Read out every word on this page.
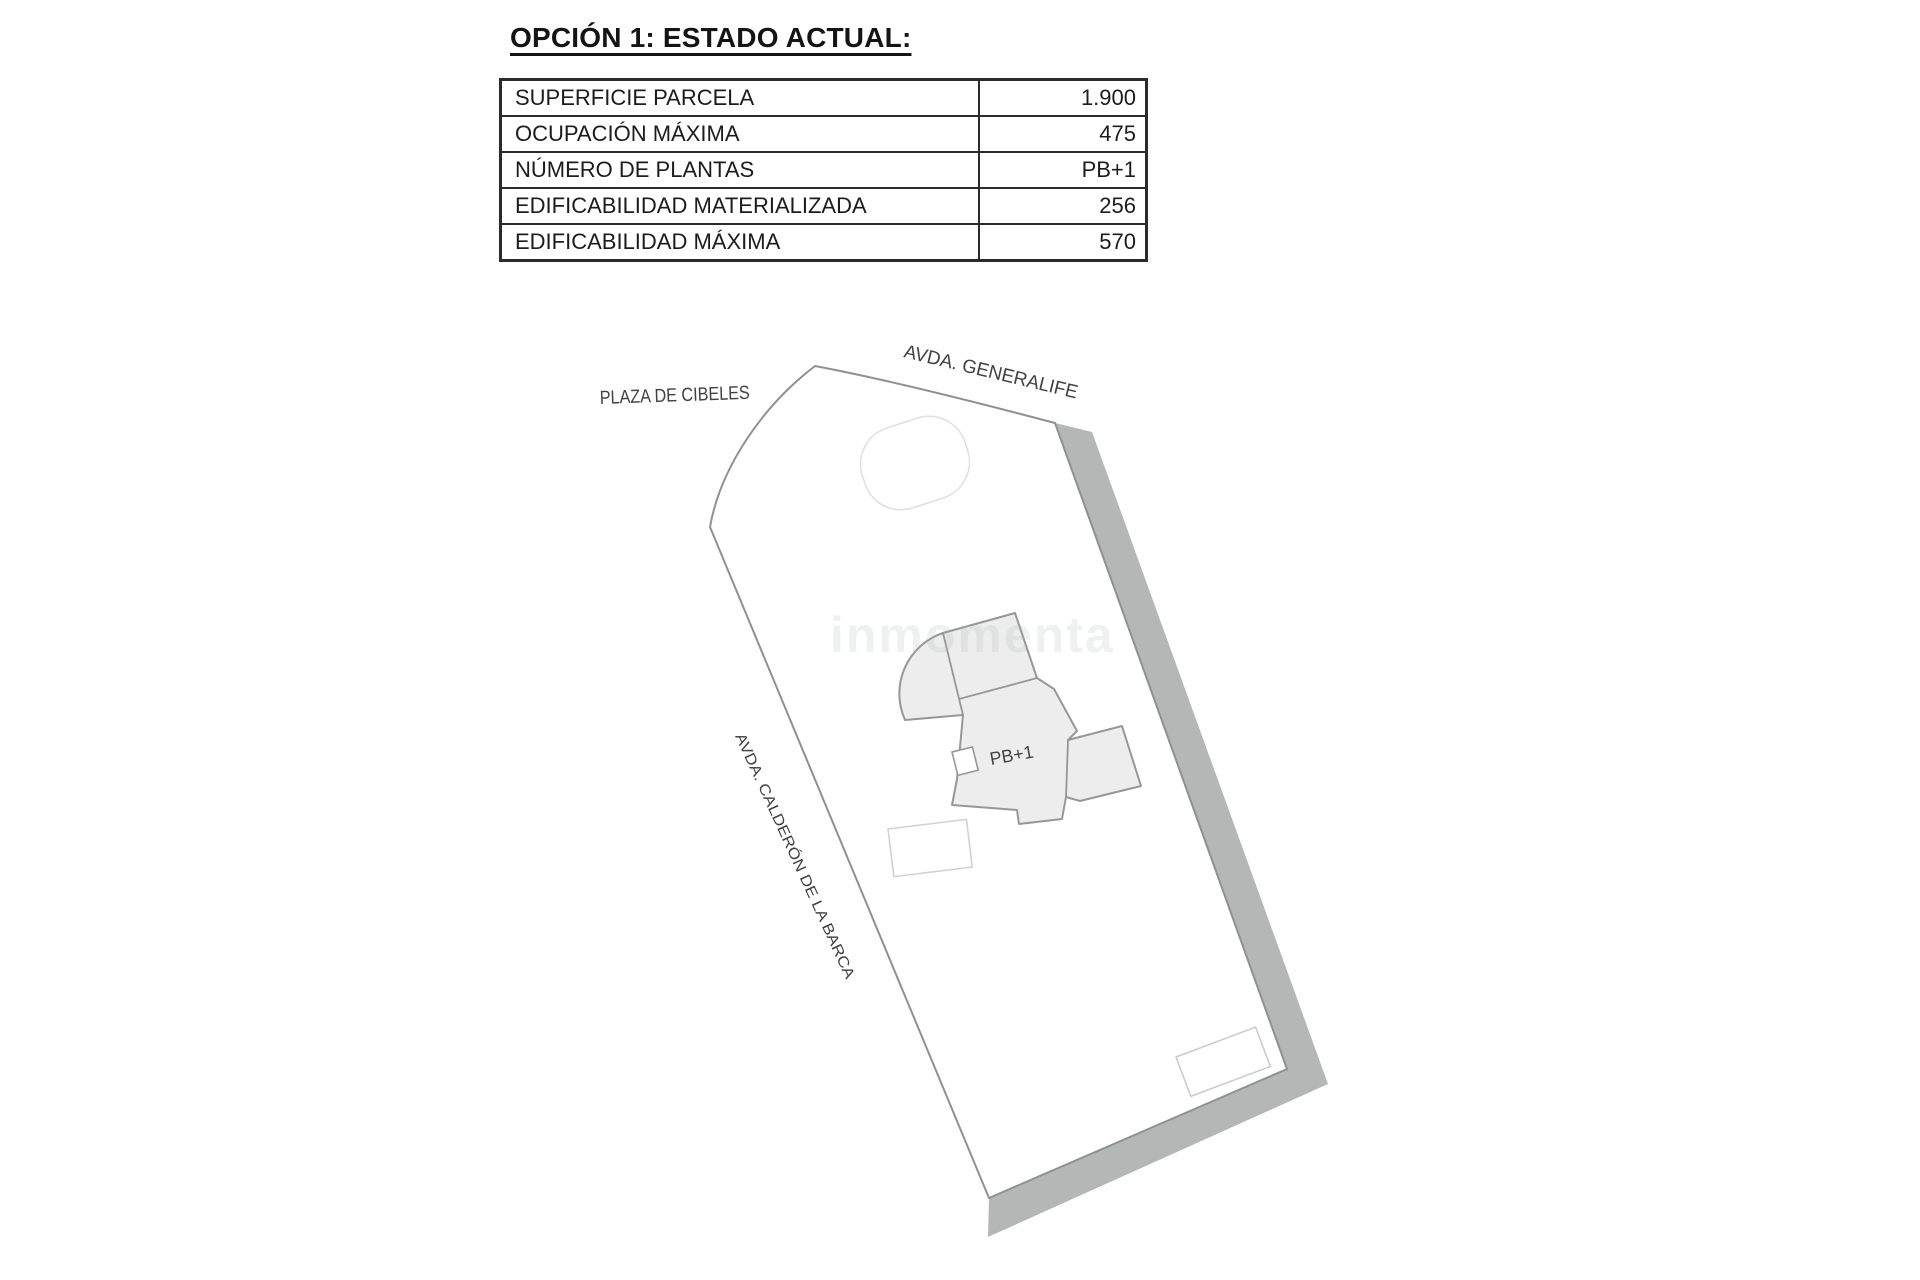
OPCIÓN 1: ESTADO ACTUAL:
SUPERFICIE PARCELA	1.900
OCUPACIÓN MÁXIMA	475
NÚMERO DE PLANTAS	PB+1
EDIFICABILIDAD MATERIALIZADA	256
EDIFICABILIDAD MÁXIMA	570
inmomenta
PLAZA DE CIBELES	AVDA. GENERALIFE
AVDA. CALDERÓN DE LA BARCA	PB+1
